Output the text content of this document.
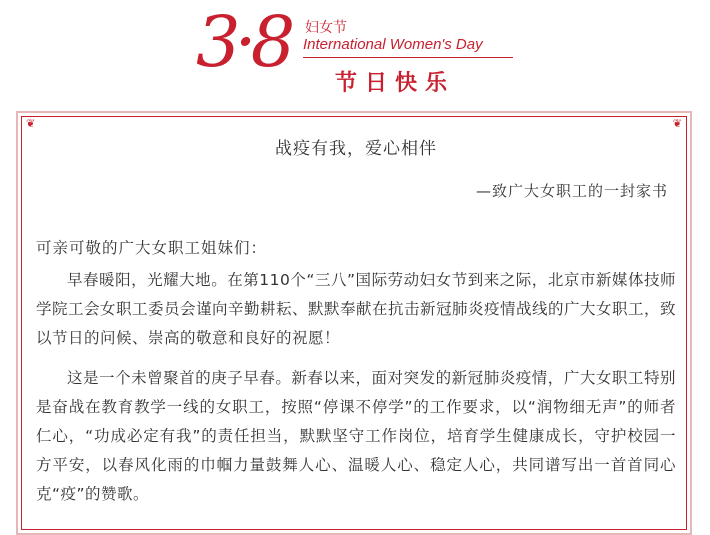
3·8 妇女节
International Women's Day
节日快乐
❦	❦
战疫有我，爱心相伴
—致广大女职工的一封家书
可亲可敬的广大女职工姐妹们：

早春暖阳，光耀大地。在第110个“三八”国际劳动妇女节到来之际，北京市新媒体技师学院工会女职工委员会谨向辛勤耕耘、默默奉献在抗击新冠肺炎疫情战线的广大女职工，致以节日的问候、崇高的敬意和良好的祝愿！

这是一个未曾聚首的庚子早春。新春以来，面对突发的新冠肺炎疫情，广大女职工特别是奋战在教育教学一线的女职工，按照“停课不停学”的工作要求，以“润物细无声”的师者仁心，“功成必定有我”的责任担当，默默坚守工作岗位，培育学生健康成长，守护校园一方平安，以春风化雨的巾帼力量鼓舞人心、温暖人心、稳定人心，共同谱写出一首首同心克“疫”的赞歌。
